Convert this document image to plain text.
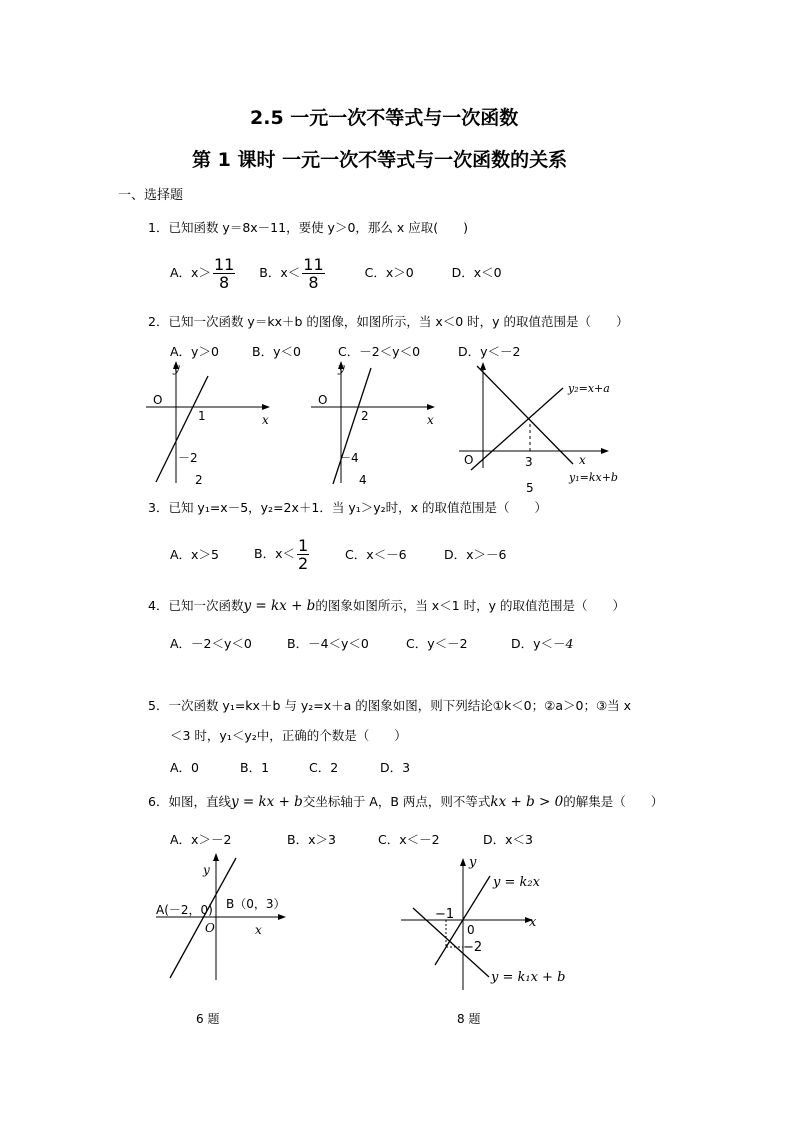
2.5 一元一次不等式与一次函数
第 1 课时 一元一次不等式与一次函数的关系
一、选择题
1．已知函数 y＝8x－11，要使 y＞0，那么 x 应取(　　)
A．$x> \frac{11}{8}$ B．$x< \frac{11}{8}$	C．x＞0	D．x＜0
2．已知一次函数 y＝kx＋b 的图像，如图所示，当 x＜0 时，y 的取值范围是（　　）
A．y＞0	B．y＜0	C．－2＜y＜0	D．y＜－2
y
O
x
1
－2
2
y
O
x
2
－4
4
y₂=x+a
O	x
3
y₁=kx+b
5
3．已知 y₁=x－5，y₂=2x＋1．当 y₁＞y₂时，x 的取值范围是（　　）
A．x＞5	B．$x< \frac{1}{2}$	C．x＜－6	D．x＞－6
4．已知一次函数y = kx + b的图象如图所示，当 x＜1 时，y 的取值范围是（　　）
A．－2＜y＜0	B．－4＜y＜0	C．y＜－2	D．y＜－4
5．一次函数 y₁=kx＋b 与 y₂=x＋a 的图象如图，则下列结论①k＜0；②a＞0；③当 x
＜3 时，y₁＜y₂中，正确的个数是（　　）
A．0	B．1	C．2	D．3
6．如图，直线y = kx + b交坐标轴于 A，B 两点，则不等式kx + b > 0的解集是（　　）
A．x＞－2	B．x＞3	C．x＜－2	D．x＜3
y
A(－2，0) B（0，3）
O	x
6 题
y
y = k₂x
−1
0
−2
x
y = k₁x + b
8 题
